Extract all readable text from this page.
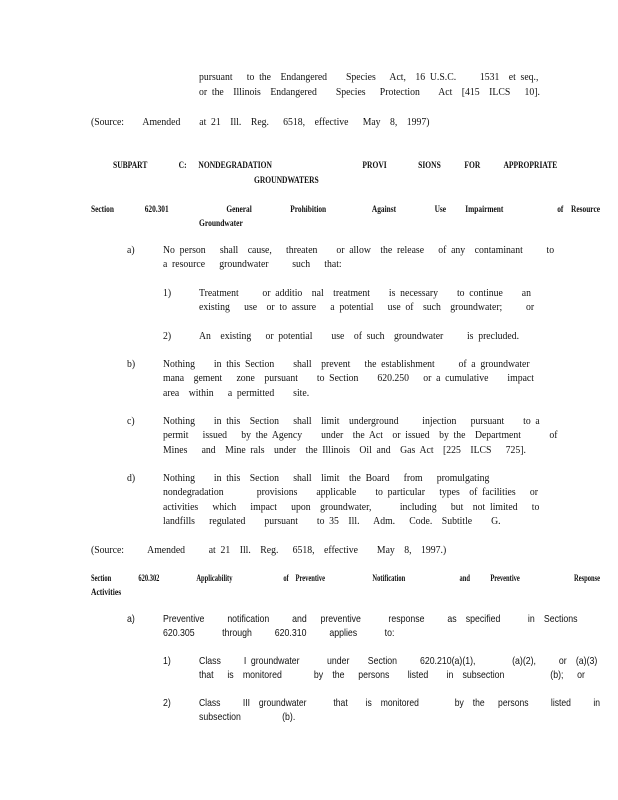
pursuant   to the  Endangered    Species   Act,  16 U.S.C.     1531  et seq.,
or the  Illinois  Endangered    Species   Protection    Act  [415  ILCS   10].
(Source:    Amended    at 21  Ill.  Reg.   6518,  effective   May  8,  1997)
SUBPART        C:   NONDEGRADATION                       PROVI        SIONS      FOR      APPROPRIATE
GROUNDWATERS
Section        620.301               General          Prohibition            Against          Use     Impairment              of  Resource
Groundwater
a)	No person   shall  cause,   threaten    or allow  the release   of any  contaminant     to
a resource   groundwater     such   that:
1)	Treatment     or additio  nal  treatment    is necessary    to continue    an
existing   use  or to assure   a potential   use of  such  groundwater;     or
2)	An  existing   or potential    use  of such  groundwater     is precluded.
b)	Nothing    in this Section    shall  prevent   the establishment     of a groundwater
mana  gement   zone  pursuant    to Section    620.250   or a cumulative    impact
area  within   a permitted    site.
c)	Nothing    in this  Section   shall  limit  underground     injection   pursuant    to a
permit   issued   by the Agency    under  the Act  or issued  by the  Department      of
Mines   and  Mine rals  under  the Illinois  Oil and  Gas Act  [225  ILCS   725].
d)	Nothing    in this  Section   shall  limit  the Board   from   promulgating
nondegradation       provisions    applicable    to particular   types  of facilities   or
activities   which   impact   upon  groundwater,      including   but  not limited   to
landfills   regulated    pursuant    to 35  Ill.   Adm.   Code.  Subtitle    G.
(Source:     Amended     at 21  Ill.  Reg.   6518,  effective    May  8,  1997.)
Section        620.302           Applicability               of  Preventive              Notification                and      Preventive                Response
Activities
a)	Preventive     notification     and   preventive      response     as  specified      in  Sections
620.305      through     620.310     applies      to:
1)	Class     I groundwater      under    Section     620.210(a)(1),        (a)(2),     or  (a)(3)
that   is  monitored       by  the   persons    listed    in  subsection          (b);   or
2)	Class     III  groundwater      that    is  monitored        by  the   persons     listed     in
subsection         (b).
